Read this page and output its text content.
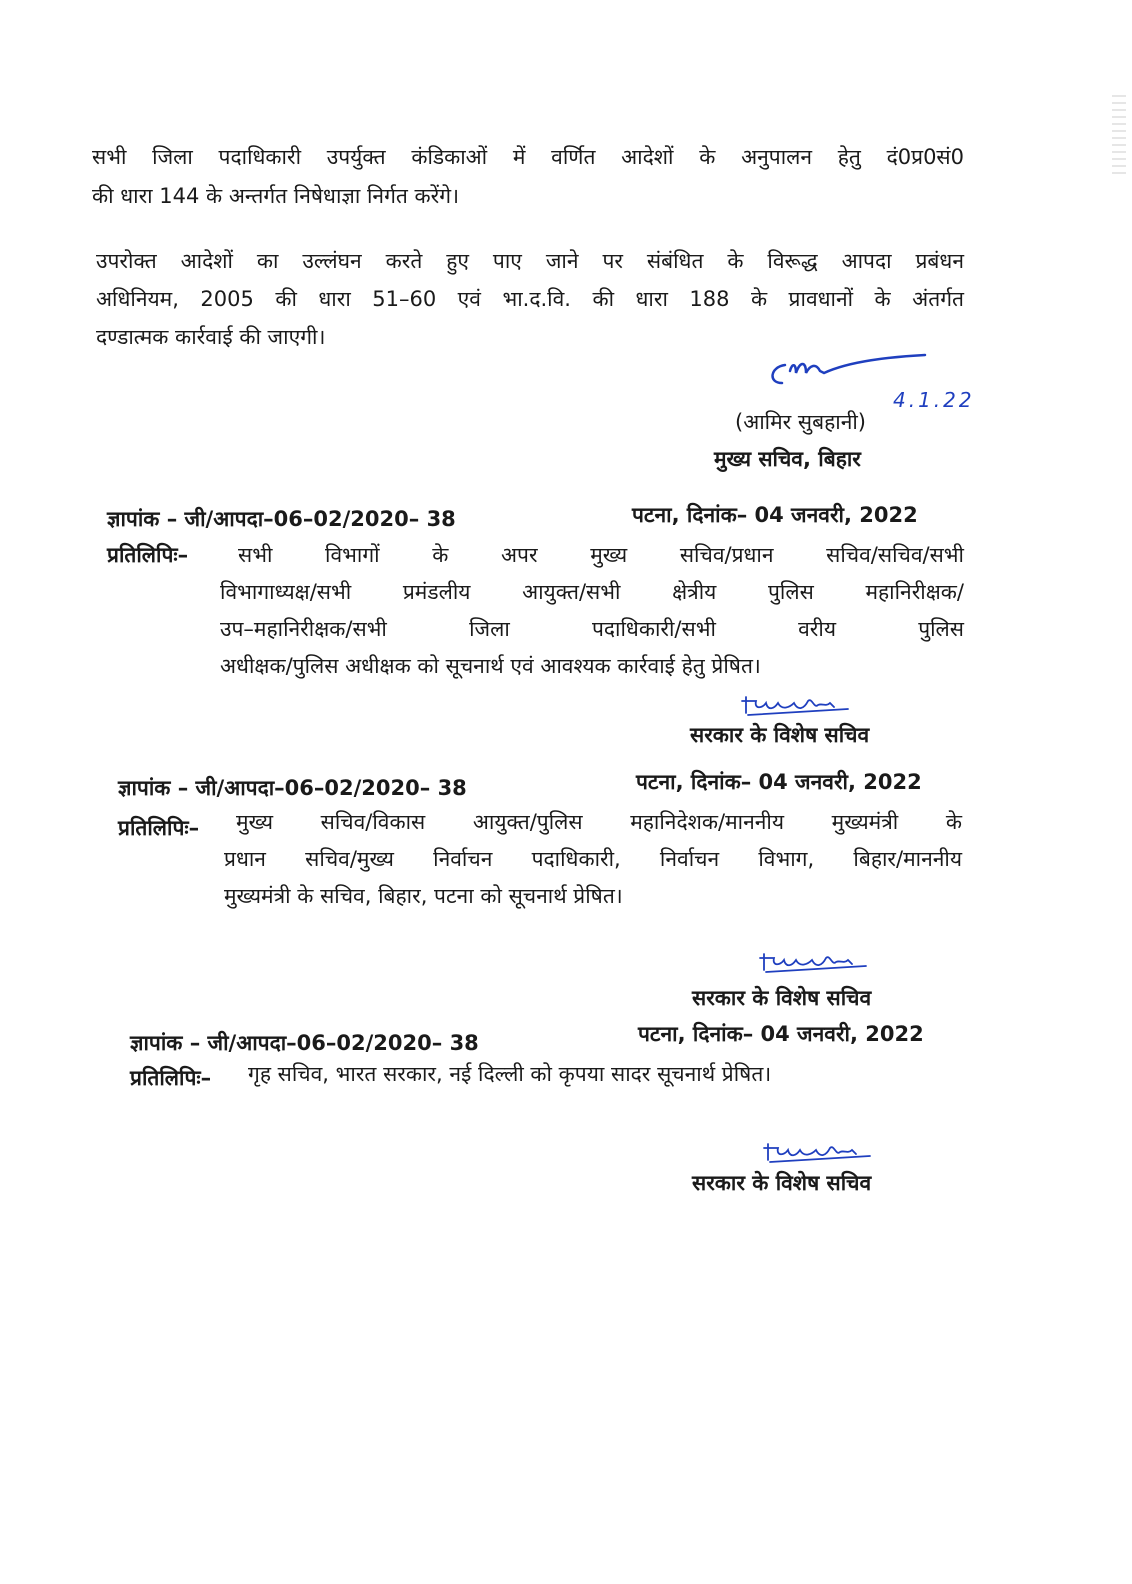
सभी जिला पदाधिकारी उपर्युक्त कंडिकाओं में वर्णित आदेशों के अनुपालन हेतु दं0प्र0सं0
की धारा 144 के अन्तर्गत निषेधाज्ञा निर्गत करेंगे।
उपरोक्त आदेशों का उल्लंघन करते हुए पाए जाने पर संबंधित के विरूद्ध आपदा प्रबंधन
अधिनियम, 2005 की धारा 51–60 एवं भा.द.वि. की धारा 188 के प्रावधानों के अंतर्गत
दण्डात्मक कार्रवाई की जाएगी।
4.1.22
(आमिर सुबहानी)
मुख्य सचिव, बिहार
ज्ञापांक – जी/आपदा–06–02/2020– 38	पटना, दिनांक– 04 जनवरी, 2022
प्रतिलिपिः– सभी विभागों के अपर मुख्य सचिव/प्रधान सचिव/सचिव/सभी
विभागाध्यक्ष/सभी प्रमंडलीय आयुक्त/सभी क्षेत्रीय पुलिस महानिरीक्षक/
उप–महानिरीक्षक/सभी जिला पदाधिकारी/सभी वरीय पुलिस
अधीक्षक/पुलिस अधीक्षक को सूचनार्थ एवं आवश्यक कार्रवाई हेतु प्रेषित।
सरकार के विशेष सचिव
ज्ञापांक – जी/आपदा–06–02/2020– 38	पटना, दिनांक– 04 जनवरी, 2022
प्रतिलिपिः– मुख्य सचिव/विकास आयुक्त/पुलिस महानिदेशक/माननीय मुख्यमंत्री के
प्रधान सचिव/मुख्य निर्वाचन पदाधिकारी, निर्वाचन विभाग, बिहार/माननीय
मुख्यमंत्री के सचिव, बिहार, पटना को सूचनार्थ प्रेषित।
सरकार के विशेष सचिव
ज्ञापांक – जी/आपदा–06–02/2020– 38	पटना, दिनांक– 04 जनवरी, 2022
प्रतिलिपिः– गृह सचिव, भारत सरकार, नई दिल्ली को कृपया सादर सूचनार्थ प्रेषित।
सरकार के विशेष सचिव
